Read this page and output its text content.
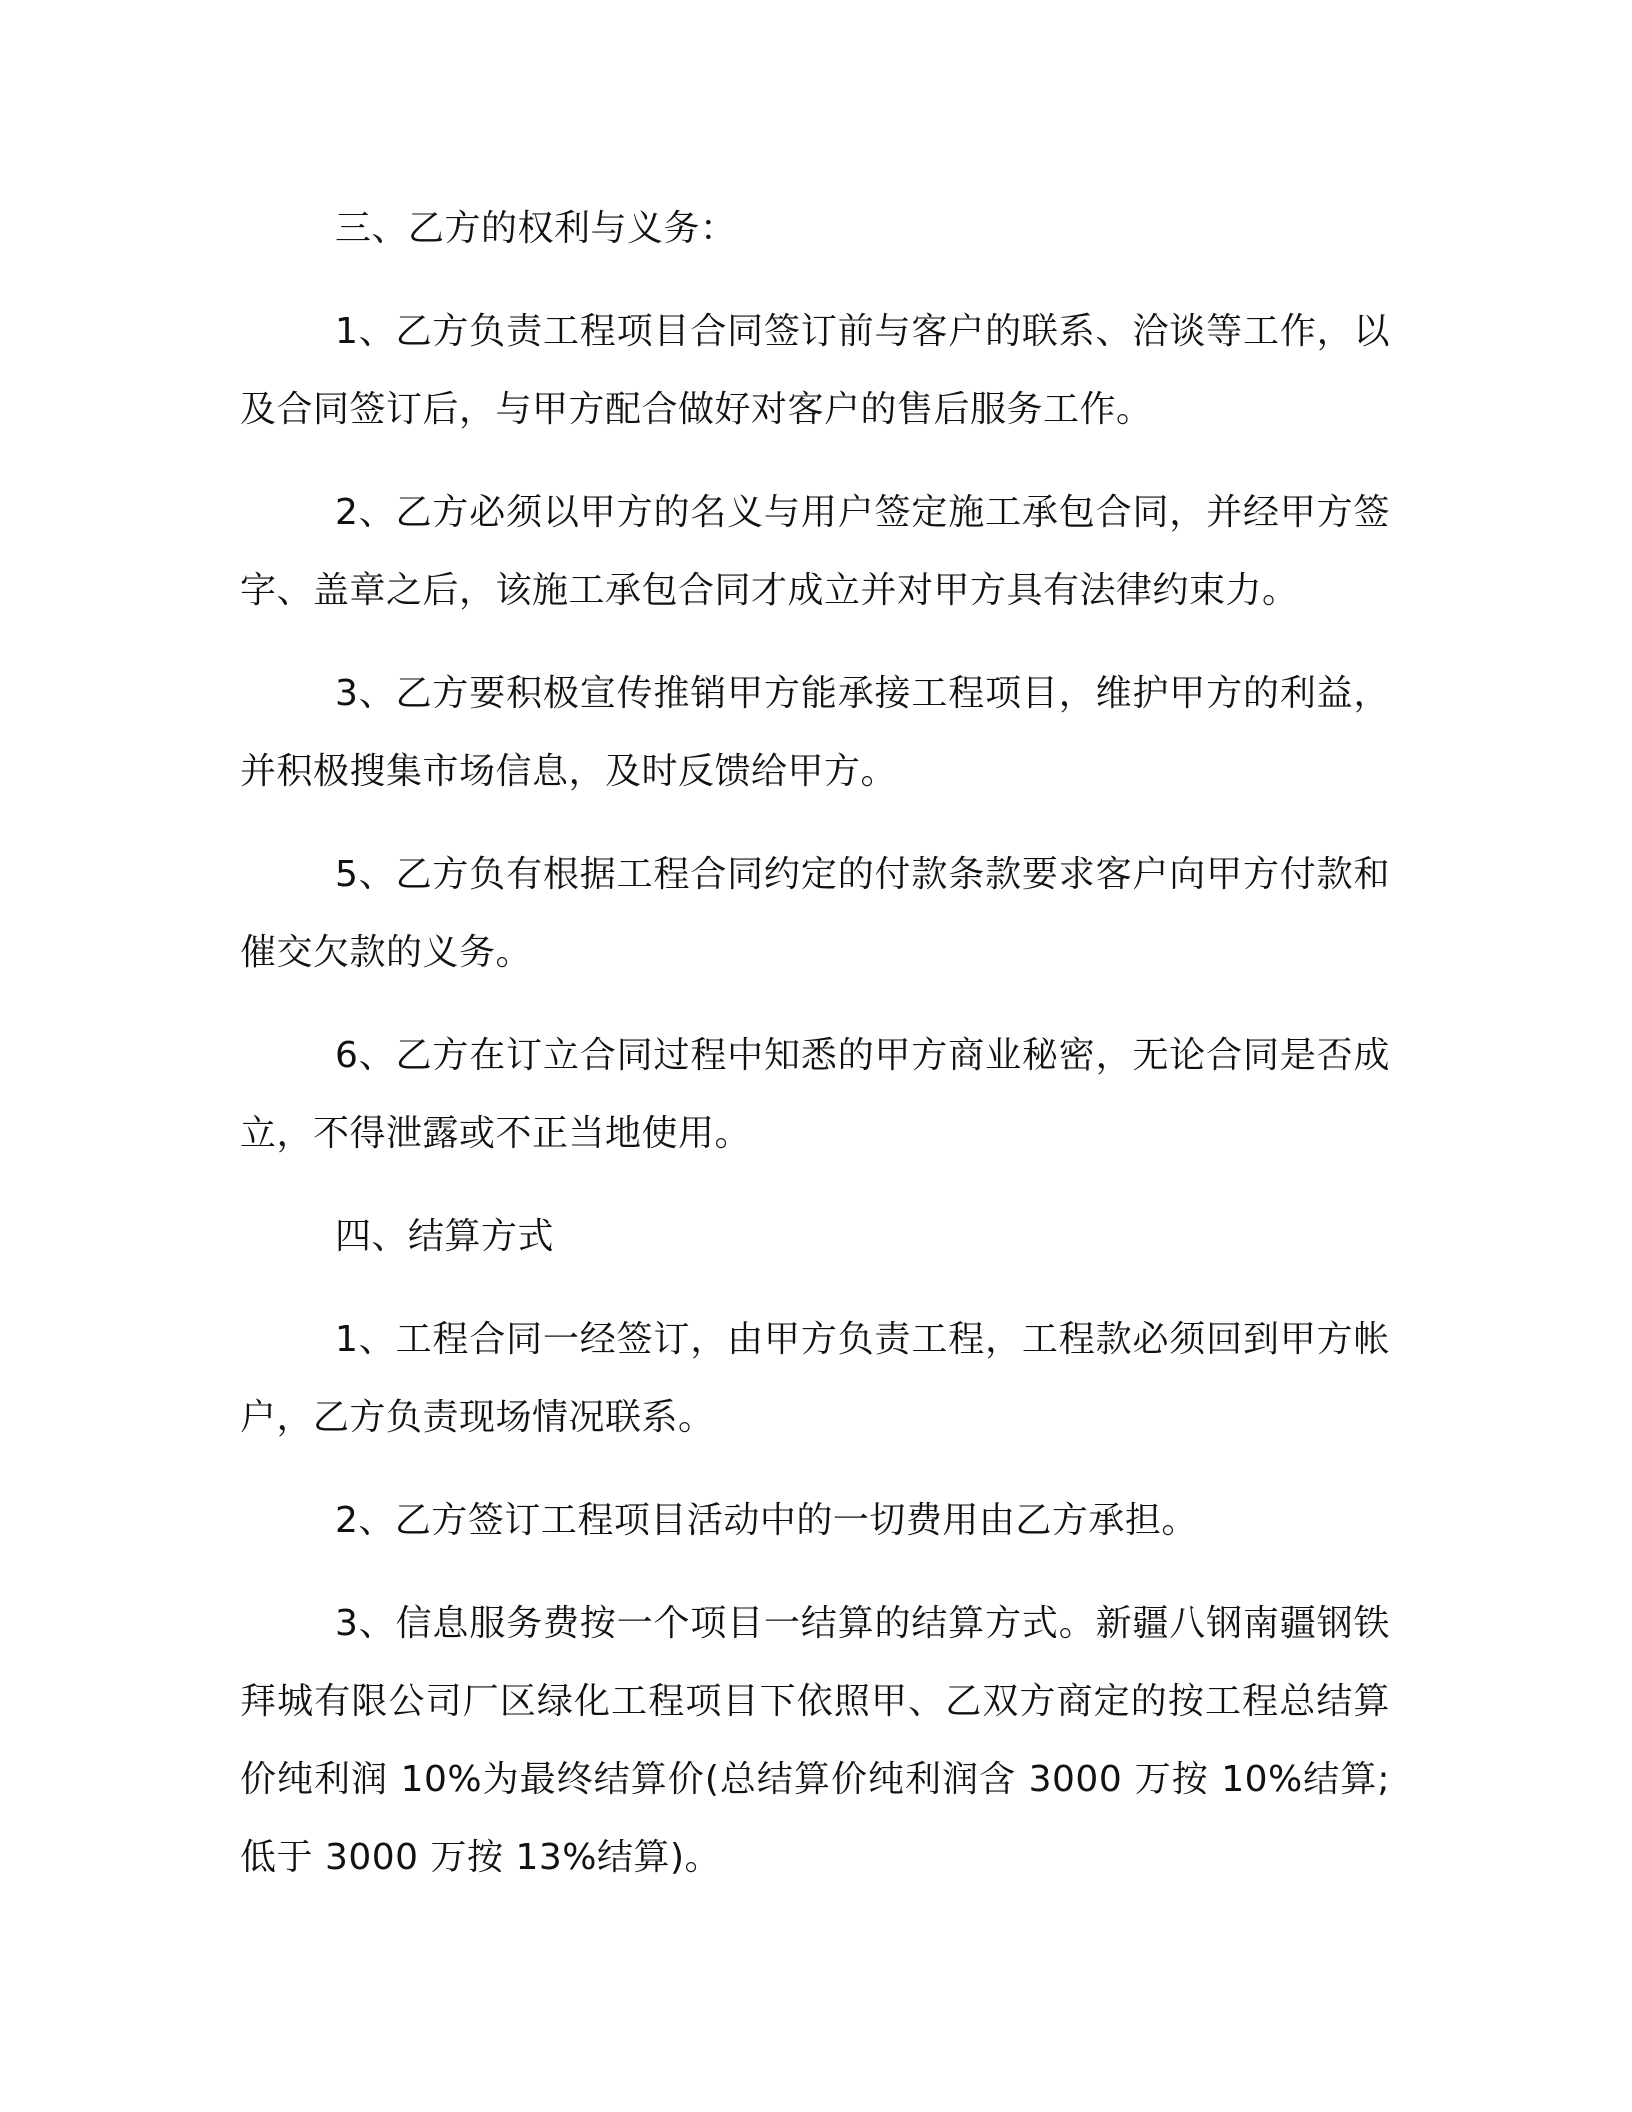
三、乙方的权利与义务：

1、乙方负责工程项目合同签订前与客户的联系、洽谈等工作，以及合同签订后，与甲方配合做好对客户的售后服务工作。

2、乙方必须以甲方的名义与用户签定施工承包合同，并经甲方签字、盖章之后，该施工承包合同才成立并对甲方具有法律约束力。

3、乙方要积极宣传推销甲方能承接工程项目，维护甲方的利益，并积极搜集市场信息，及时反馈给甲方。

5、乙方负有根据工程合同约定的付款条款要求客户向甲方付款和催交欠款的义务。

6、乙方在订立合同过程中知悉的甲方商业秘密，无论合同是否成立，不得泄露或不正当地使用。

四、结算方式

1、工程合同一经签订，由甲方负责工程，工程款必须回到甲方帐户，乙方负责现场情况联系。

2、乙方签订工程项目活动中的一切费用由乙方承担。

3、信息服务费按一个项目一结算的结算方式。新疆八钢南疆钢铁拜城有限公司厂区绿化工程项目下依照甲、乙双方商定的按工程总结算价纯利润 10%为最终结算价(总结算价纯利润含 3000 万按 10%结算;低于 3000 万按 13%结算)。
